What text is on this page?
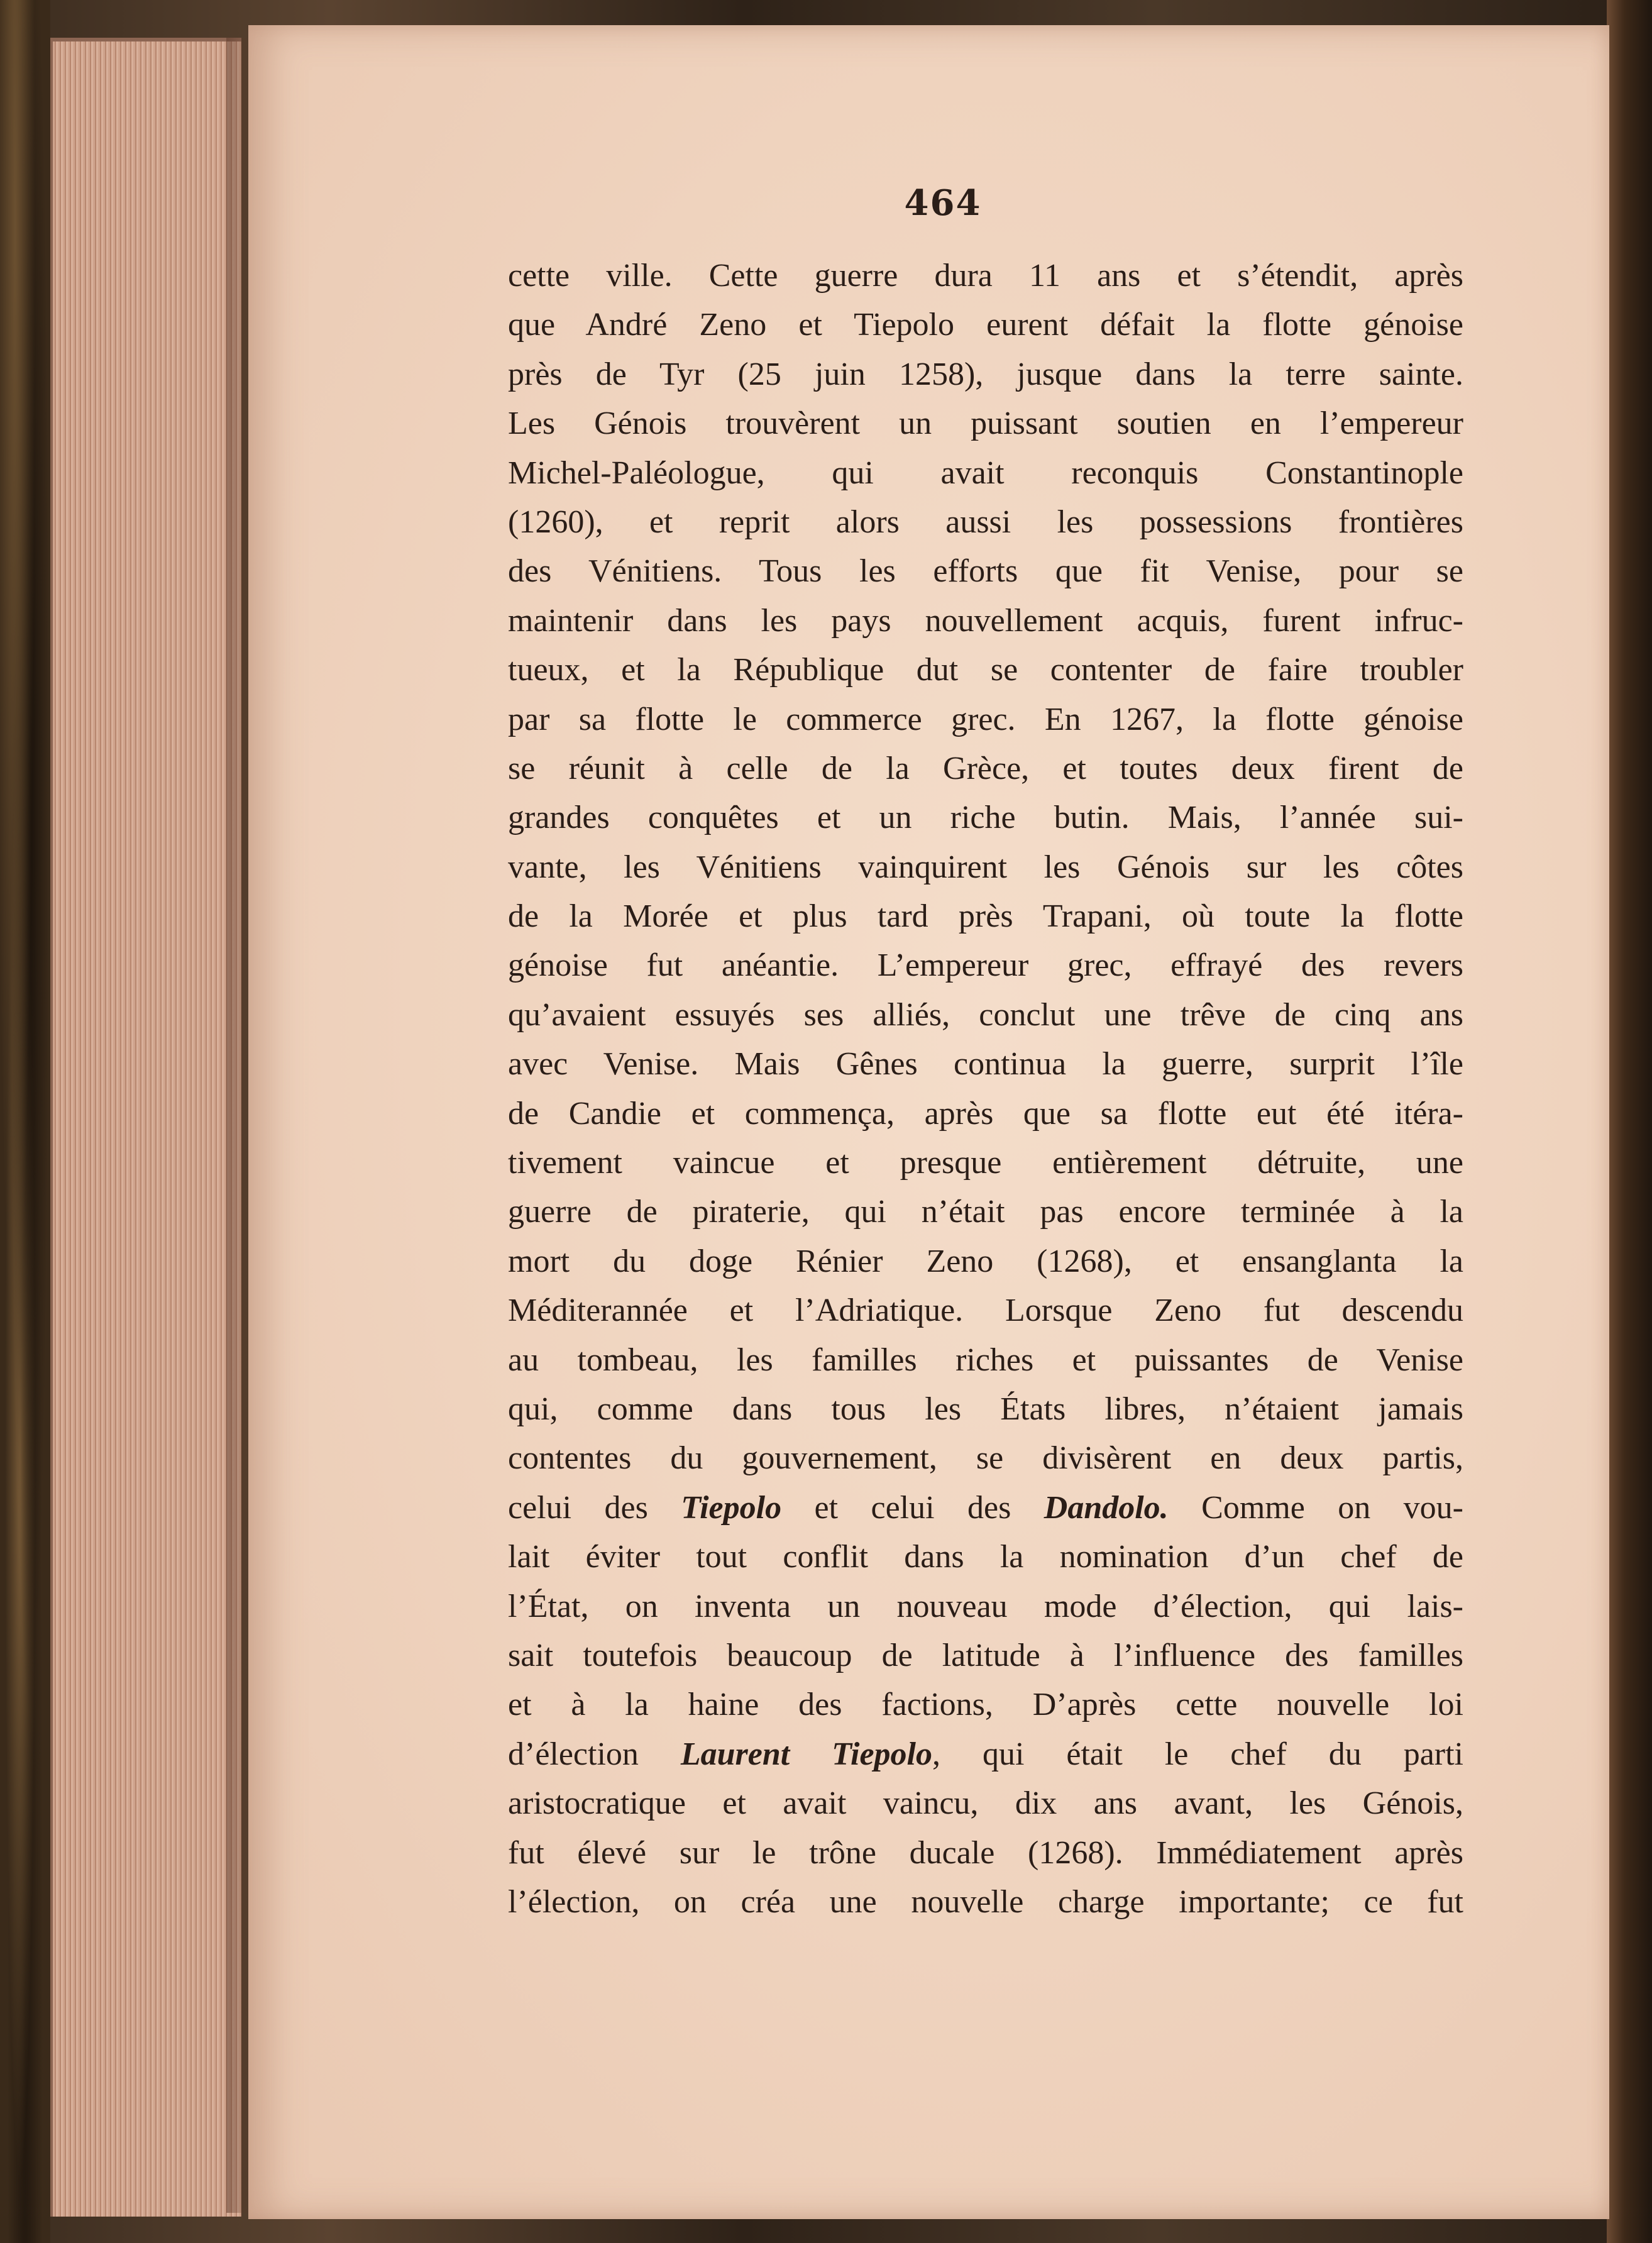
464
cette ville. Cette guerre dura 11 ans et s’étendit, après
que André Zeno et Tiepolo eurent défait la flotte génoise
près de Tyr (25 juin 1258), jusque dans la terre sainte.
Les Génois trouvèrent un puissant soutien en l’empereur
Michel-Paléologue, qui avait reconquis Constantinople
(1260), et reprit alors aussi les possessions frontières
des Vénitiens. Tous les efforts que fit Venise, pour se
maintenir dans les pays nouvellement acquis, furent infruc-
tueux, et la République dut se contenter de faire troubler
par sa flotte le commerce grec. En 1267, la flotte génoise
se réunit à celle de la Grèce, et toutes deux firent de
grandes conquêtes et un riche butin. Mais, l’année sui-
vante, les Vénitiens vainquirent les Génois sur les côtes
de la Morée et plus tard près Trapani, où toute la flotte
génoise fut anéantie. L’empereur grec, effrayé des revers
qu’avaient essuyés ses alliés, conclut une trêve de cinq ans
avec Venise. Mais Gênes continua la guerre, surprit l’île
de Candie et commença, après que sa flotte eut été itéra-
tivement vaincue et presque entièrement détruite, une
guerre de piraterie, qui n’était pas encore terminée à la
mort du doge Rénier Zeno (1268), et ensanglanta la
Méditerannée et l’Adriatique. Lorsque Zeno fut descendu
au tombeau, les familles riches et puissantes de Venise
qui, comme dans tous les États libres, n’étaient jamais
contentes du gouvernement, se divisèrent en deux partis,
celui des Tiepolo et celui des Dandolo. Comme on vou-
lait éviter tout conflit dans la nomination d’un chef de
l’État, on inventa un nouveau mode d’élection, qui lais-
sait toutefois beaucoup de latitude à l’influence des familles
et à la haine des factions, D’après cette nouvelle loi
d’élection Laurent Tiepolo, qui était le chef du parti
aristocratique et avait vaincu, dix ans avant, les Génois,
fut élevé sur le trône ducale (1268). Immédiatement après
l’élection, on créa une nouvelle charge importante; ce fut
